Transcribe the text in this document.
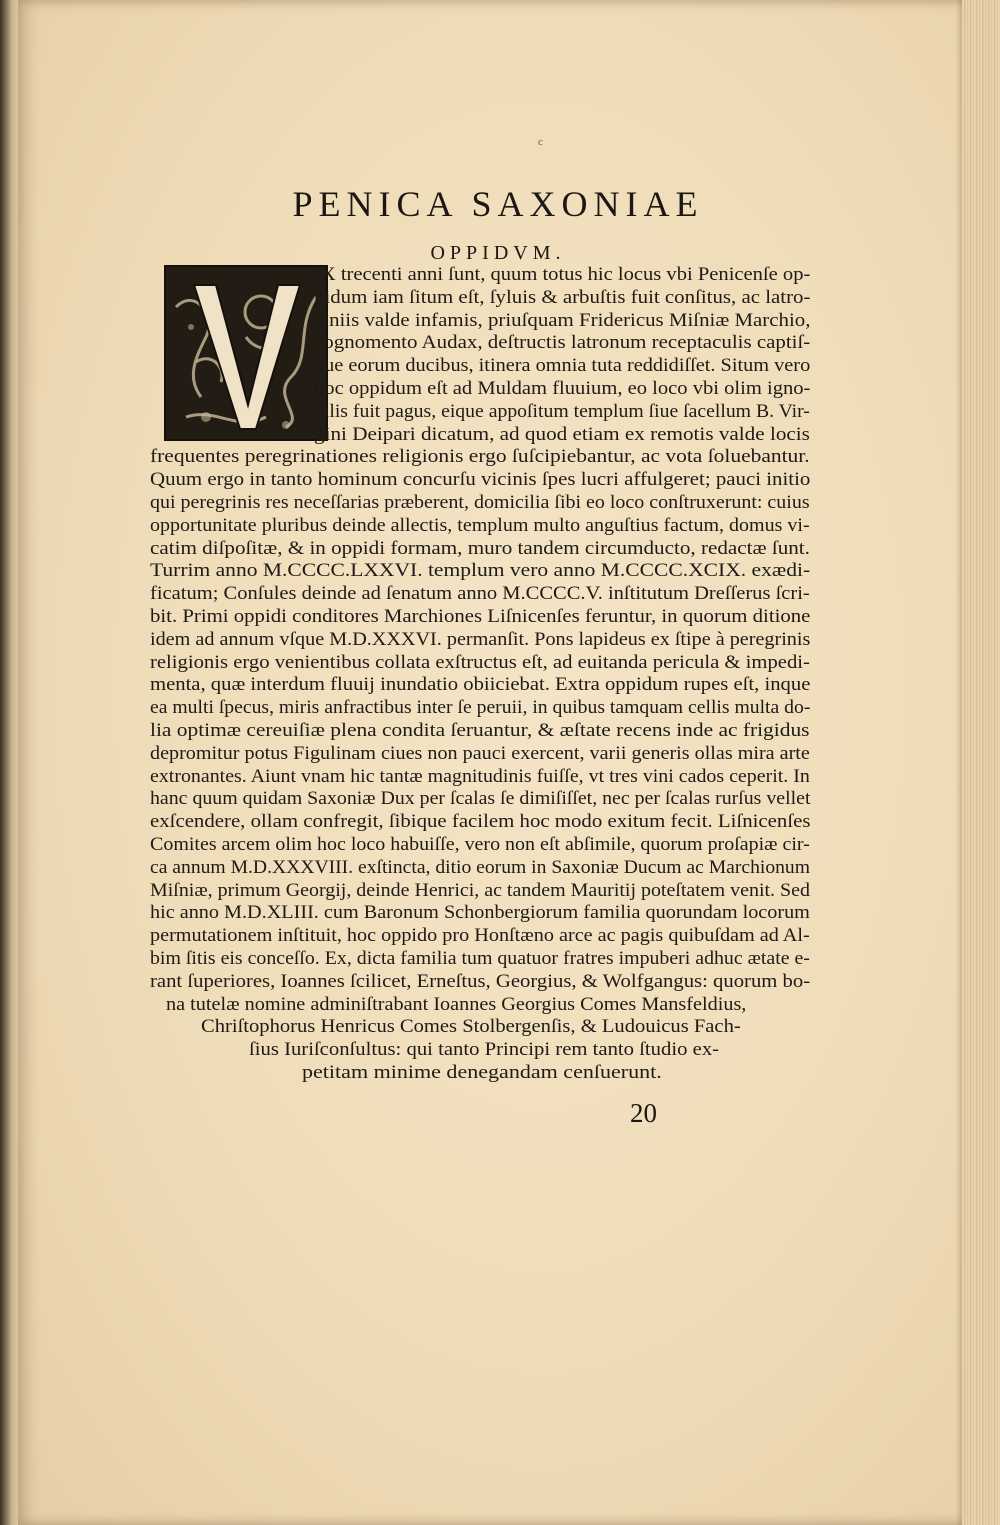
c
PENICA SAXONIAE
OPPIDVM.
V
IX trecenti anni ſunt, quum totus hic locus vbi Penicenſe op-
pidum iam ſitum eſt, ſyluis & arbuſtis fuit conſitus, ac latro-
ciniis valde infamis, priuſquam Fridericus Miſniæ Marchio,
cognomento Audax, deſtructis latronum receptaculis captiſ-
que eorum ducibus, itinera omnia tuta reddidiſſet. Situm vero
hoc oppidum eſt ad Muldam fluuium, eo loco vbi olim igno-
bilis fuit pagus, eique appoſitum templum ſiue ſacellum B. Vir-
gini Deipari dicatum, ad quod etiam ex remotis valde locis
frequentes peregrinationes religionis ergo ſuſcipiebantur, ac vota ſoluebantur.
Quum ergo in tanto hominum concurſu vicinis ſpes lucri affulgeret; pauci initio
qui peregrinis res neceſſarias præberent, domicilia ſibi eo loco conſtruxerunt: cuius
opportunitate pluribus deinde allectis, templum multo anguſtius factum, domus vi-
catim diſpoſitæ, & in oppidi formam, muro tandem circumducto, redactæ ſunt.
Turrim anno M.CCCC.LXXVI. templum vero anno M.CCCC.XCIX. exædi-
ficatum; Conſules deinde ad ſenatum anno M.CCCC.V. inſtitutum Dreſſerus ſcri-
bit. Primi oppidi conditores Marchiones Liſnicenſes feruntur, in quorum ditione
idem ad annum vſque M.D.XXXVI. permanſit. Pons lapideus ex ſtipe à peregrinis
religionis ergo venientibus collata exſtructus eſt, ad euitanda pericula & impedi-
menta, quæ interdum fluuij inundatio obiiciebat. Extra oppidum rupes eſt, inque
ea multi ſpecus, miris anfractibus inter ſe peruii, in quibus tamquam cellis multa do-
lia optimæ cereuiſiæ plena condita ſeruantur, & æſtate recens inde ac frigidus
depromitur potus Figulinam ciues non pauci exercent, varii generis ollas mira arte
extronantes. Aiunt vnam hic tantæ magnitudinis fuiſſe, vt tres vini cados ceperit. In
hanc quum quidam Saxoniæ Dux per ſcalas ſe dimiſiſſet, nec per ſcalas rurſus vellet
exſcendere, ollam confregit, ſibique facilem hoc modo exitum fecit. Liſnicenſes
Comites arcem olim hoc loco habuiſſe, vero non eſt abſimile, quorum proſapiæ cir-
ca annum M.D.XXXVIII. exſtincta, ditio eorum in Saxoniæ Ducum ac Marchionum
Miſniæ, primum Georgij, deinde Henrici, ac tandem Mauritij poteſtatem venit. Sed
hic anno M.D.XLIII. cum Baronum Schonbergiorum familia quorundam locorum
permutationem inſtituit, hoc oppido pro Honſtæno arce ac pagis quibuſdam ad Al-
bim ſitis eis conceſſo. Ex, dicta familia tum quatuor fratres impuberi adhuc ætate e-
rant ſuperiores, Ioannes ſcilicet, Erneſtus, Georgius, & Wolfgangus: quorum bo-
na tutelæ nomine adminiſtrabant Ioannes Georgius Comes Mansfeldius,
Chriſtophorus Henricus Comes Stolbergenſis, & Ludouicus Fach-
ſius Iuriſconſultus: qui tanto Principi rem tanto ſtudio ex-
petitam minime denegandam cenſuerunt.
20
